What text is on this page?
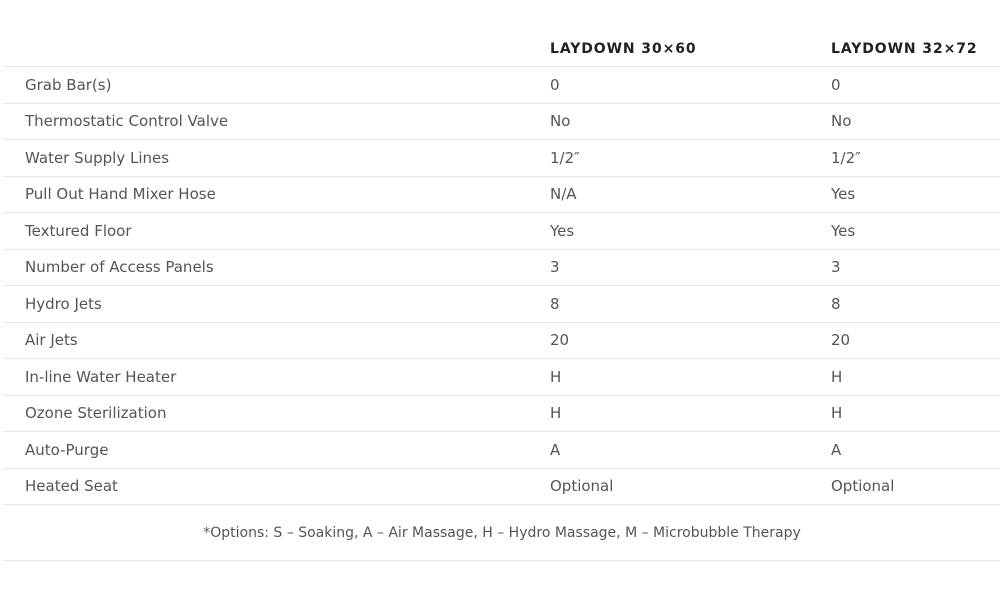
	LAYDOWN 30×60	LAYDOWN 32×72
Grab Bar(s)	0	0
Thermostatic Control Valve	No	No
Water Supply Lines	1/2″	1/2″
Pull Out Hand Mixer Hose	N/A	Yes
Textured Floor	Yes	Yes
Number of Access Panels	3	3
Hydro Jets	8	8
Air Jets	20	20
In-line Water Heater	H	H
Ozone Sterilization	H	H
Auto-Purge	A	A
Heated Seat	Optional	Optional
*Options: S – Soaking, A – Air Massage, H – Hydro Massage, M – Microbubble Therapy		
